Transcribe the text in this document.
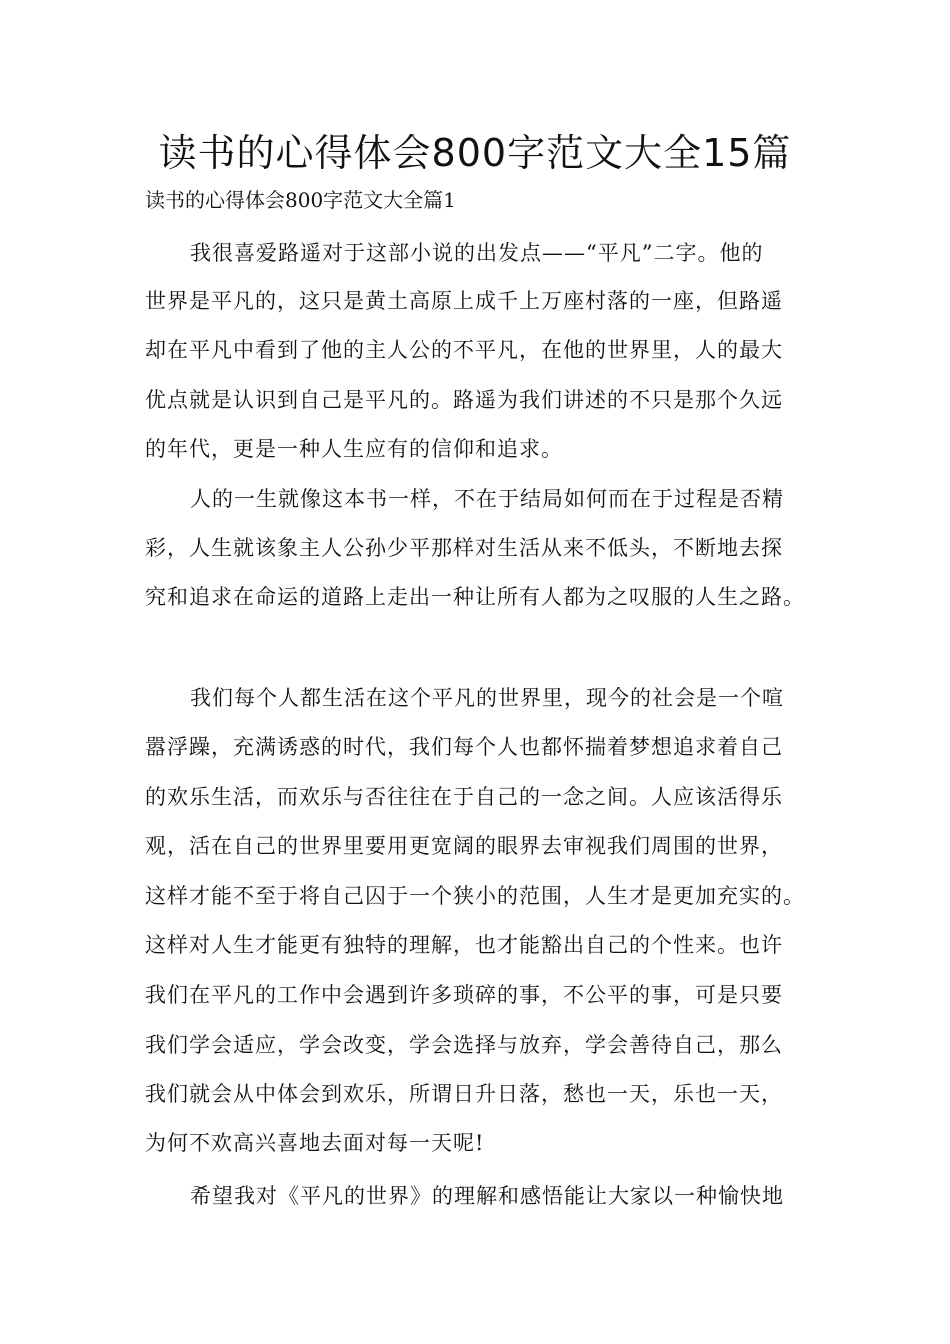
读书的心得体会800字范文大全15篇

读书的心得体会800字范文大全篇1

我很喜爱路遥对于这部小说的出发点——“平凡”二字。他的

世界是平凡的，这只是黄土高原上成千上万座村落的一座，但路遥

却在平凡中看到了他的主人公的不平凡，在他的世界里，人的最大

优点就是认识到自己是平凡的。路遥为我们讲述的不只是那个久远

的年代，更是一种人生应有的信仰和追求。

人的一生就像这本书一样，不在于结局如何而在于过程是否精

彩，人生就该象主人公孙少平那样对生活从来不低头，不断地去探

究和追求在命运的道路上走出一种让所有人都为之叹服的人生之路。

我们每个人都生活在这个平凡的世界里，现今的社会是一个喧

嚣浮躁，充满诱惑的时代，我们每个人也都怀揣着梦想追求着自己

的欢乐生活，而欢乐与否往往在于自己的一念之间。人应该活得乐

观，活在自己的世界里要用更宽阔的眼界去审视我们周围的世界，

这样才能不至于将自己囚于一个狭小的范围，人生才是更加充实的。

这样对人生才能更有独特的理解，也才能豁出自己的个性来。也许

我们在平凡的工作中会遇到许多琐碎的事，不公平的事，可是只要

我们学会适应，学会改变，学会选择与放弃，学会善待自己，那么

我们就会从中体会到欢乐，所谓日升日落，愁也一天，乐也一天，

为何不欢高兴喜地去面对每一天呢!

希望我对《平凡的世界》的理解和感悟能让大家以一种愉快地
